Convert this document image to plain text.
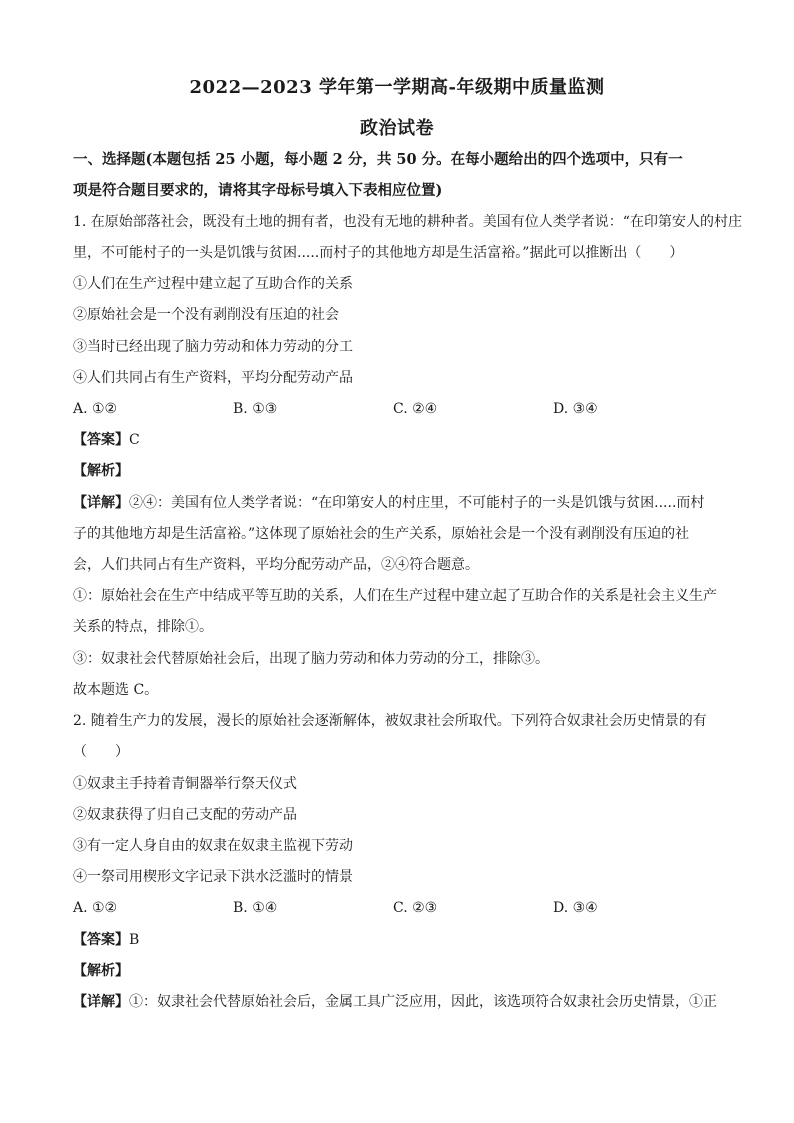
2022—2023 学年第一学期高-年级期中质量监测
政治试卷
一、选择题(本题包括 25 小题，每小题 2 分，共 50 分。在每小题给出的四个选项中，只有一
项是符合题目要求的，请将其字母标号填入下表相应位置)
1. 在原始部落社会，既没有土地的拥有者，也没有无地的耕种者。美国有位人类学者说：“在印第安人的村庄
里，不可能村子的一头是饥饿与贫困.....而村子的其他地方却是生活富裕。”据此可以推断出（　　）
①人们在生产过程中建立起了互助合作的关系
②原始社会是一个没有剥削没有压迫的社会
③当时已经出现了脑力劳动和体力劳动的分工
④人们共同占有生产资料，平均分配劳动产品
A. ①②	B. ①③	C. ②④	D. ③④
【答案】C
【解析】
【详解】②④：美国有位人类学者说：“在印第安人的村庄里，不可能村子的一头是饥饿与贫困.....而村
子的其他地方却是生活富裕。”这体现了原始社会的生产关系，原始社会是一个没有剥削没有压迫的社
会，人们共同占有生产资料，平均分配劳动产品，②④符合题意。
①：原始社会在生产中结成平等互助的关系，人们在生产过程中建立起了互助合作的关系是社会主义生产
关系的特点，排除①。
③：奴隶社会代替原始社会后，出现了脑力劳动和体力劳动的分工，排除③。
故本题选 C。
2. 随着生产力的发展，漫长的原始社会逐渐解体，被奴隶社会所取代。下列符合奴隶社会历史情景的有
（　　）
①奴隶主手持着青铜器举行祭天仪式
②奴隶获得了归自己支配的劳动产品
③有一定人身自由的奴隶在奴隶主监视下劳动
④一祭司用楔形文字记录下洪水泛滥时的情景
A. ①②	B. ①④	C. ②③	D. ③④
【答案】B
【解析】
【详解】①：奴隶社会代替原始社会后，金属工具广泛应用，因此，该选项符合奴隶社会历史情景，①正
